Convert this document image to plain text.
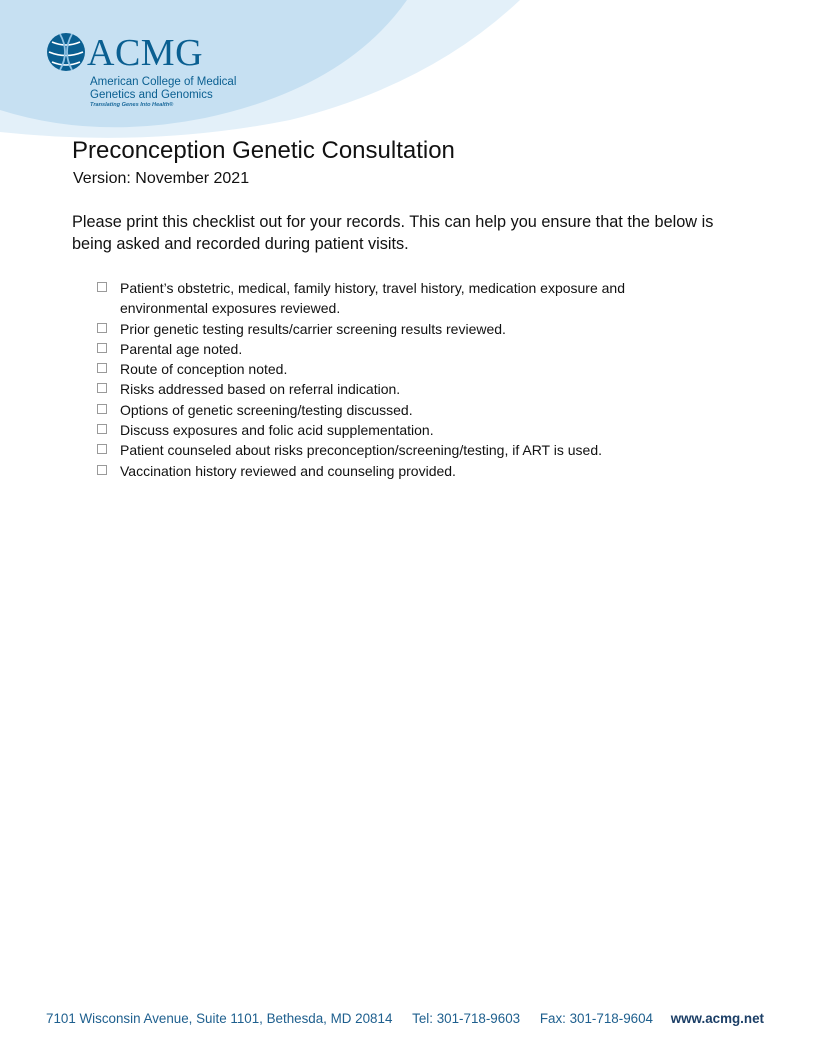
ACMG
American College of Medical
Genetics and Genomics
Translating Genes Into Health®
Preconception Genetic Consultation

Version: November 2021

Please print this checklist out for your records. This can help you ensure that the below is being asked and recorded during patient visits.

Patient’s obstetric, medical, family history, travel history, medication exposure and environmental exposures reviewed.
Prior genetic testing results/carrier screening results reviewed.
Parental age noted.
Route of conception noted.
Risks addressed based on referral indication.
Options of genetic screening/testing discussed.
Discuss exposures and folic acid supplementation.
Patient counseled about risks preconception/screening/testing, if ART is used.
Vaccination history reviewed and counseling provided.
7101 Wisconsin Avenue, Suite 1101, Bethesda, MD 20814 Tel: 301-718-9603 Fax: 301-718-9604 www.acmg.net
